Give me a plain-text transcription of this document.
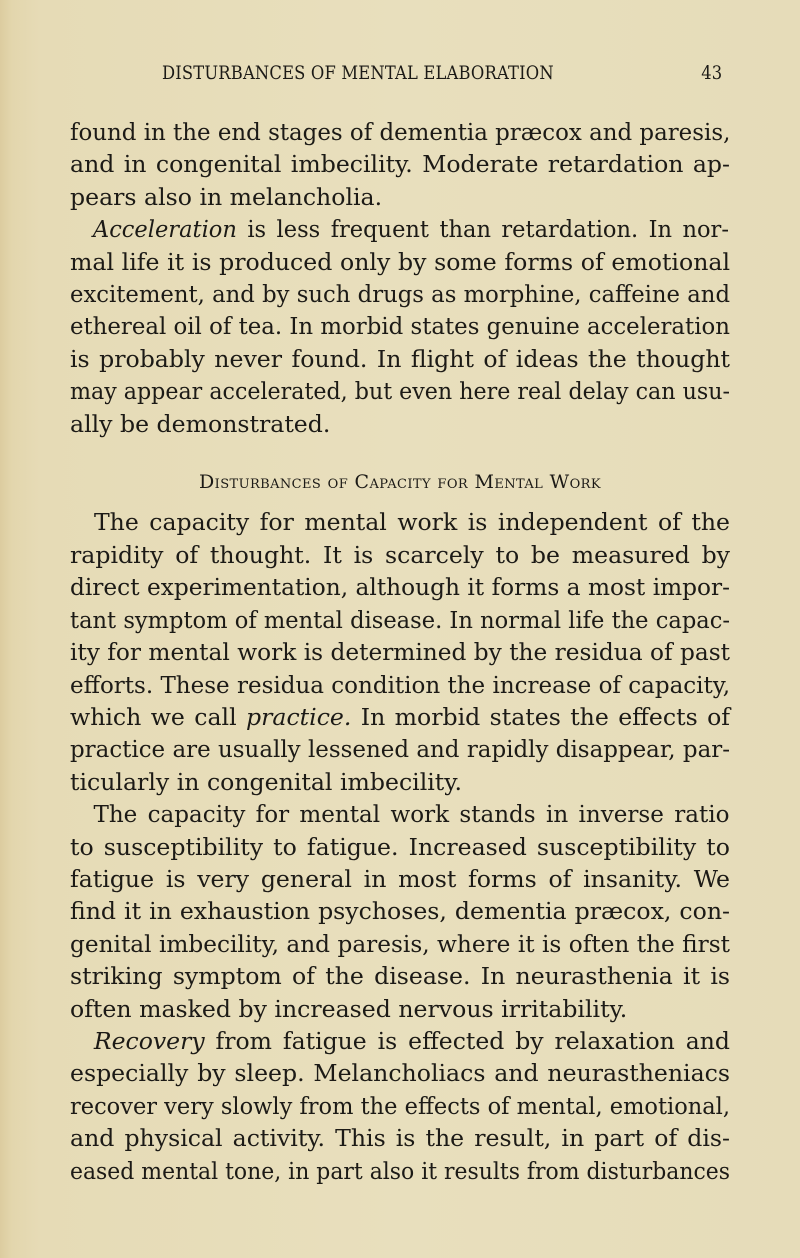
DISTURBANCES OF MENTAL ELABORATION	43

found in the end stages of dementia præcox and paresis,
and in congenital imbecility. Moderate retardation ap-
pears also in melancholia.

Acceleration is less frequent than retardation. In nor-
mal life it is produced only by some forms of emotional
excitement, and by such drugs as morphine, caffeine and
ethereal oil of tea. In morbid states genuine acceleration
is probably never found. In flight of ideas the thought
may appear accelerated, but even here real delay can usu-
ally be demonstrated.

Disturbances of Capacity for Mental Work

The capacity for mental work is independent of the
rapidity of thought. It is scarcely to be measured by
direct experimentation, although it forms a most impor-
tant symptom of mental disease. In normal life the capac-
ity for mental work is determined by the residua of past
efforts. These residua condition the increase of capacity,
which we call practice. In morbid states the effects of
practice are usually lessened and rapidly disappear, par-
ticularly in congenital imbecility.

The capacity for mental work stands in inverse ratio
to susceptibility to fatigue. Increased susceptibility to
fatigue is very general in most forms of insanity. We
find it in exhaustion psychoses, dementia præcox, con-
genital imbecility, and paresis, where it is often the first
striking symptom of the disease. In neurasthenia it is
often masked by increased nervous irritability.

Recovery from fatigue is effected by relaxation and
especially by sleep. Melancholiacs and neurastheniacs
recover very slowly from the effects of mental, emotional,
and physical activity. This is the result, in part of dis-
eased mental tone, in part also it results from disturbances
